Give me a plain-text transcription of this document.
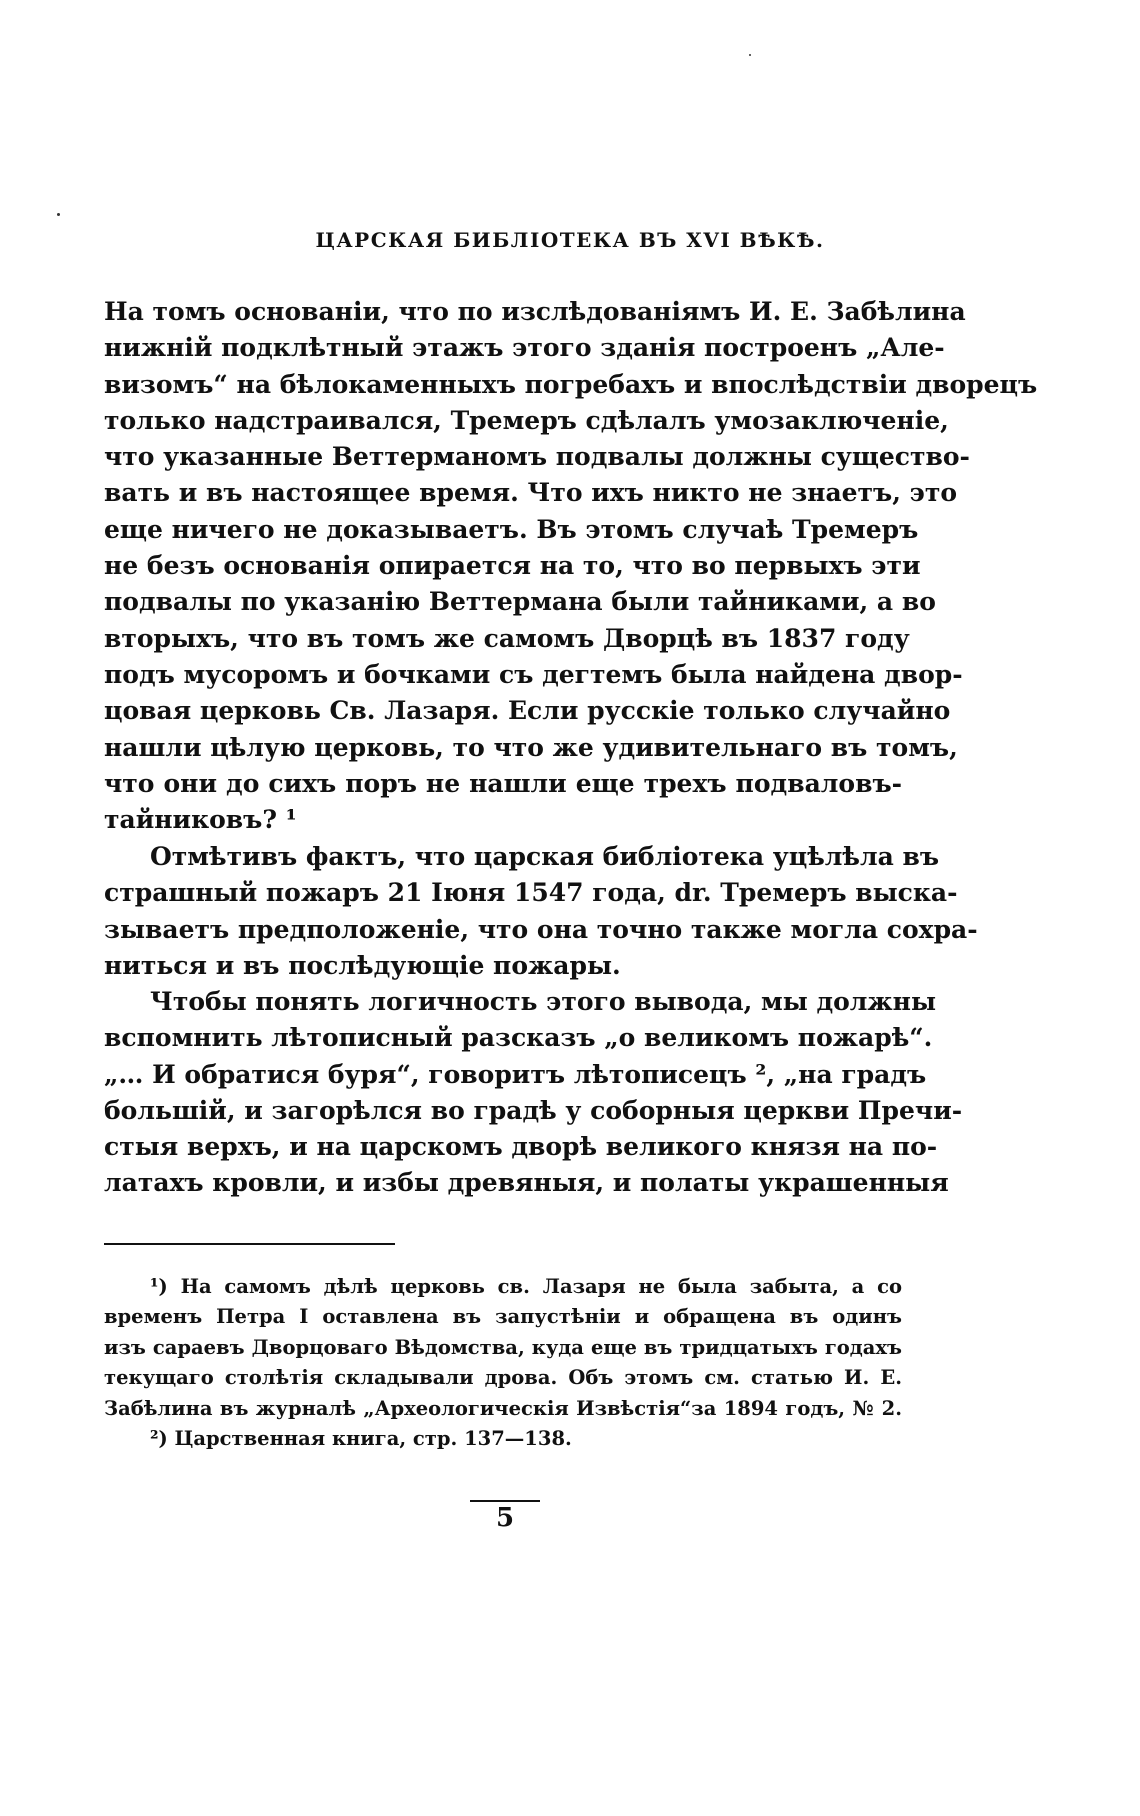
ЦАРСКАЯ БИБЛІОТЕКА ВЪ XVI ВѢКѢ.
На томъ основаніи, что по изслѣдованіямъ И. Е. Забѣлина
нижній подклѣтный этажъ этого зданія построенъ „Але-
визомъ“ на бѣлокаменныхъ погребахъ и впослѣдствіи дворецъ
только надстраивался, Тремеръ сдѣлалъ умозаключеніе,
что указанные Веттерманомъ подвалы должны существо-
вать и въ настоящее время. Что ихъ никто не знаетъ, это
еще ничего не доказываетъ. Въ этомъ случаѣ Тремеръ
не безъ основанія опирается на то, что во первыхъ эти
подвалы по указанію Веттермана были тайниками, а во
вторыхъ, что въ томъ же самомъ Дворцѣ въ 1837 году
подъ мусоромъ и бочками съ дегтемъ была найдена двор-
цовая церковь Св. Лазаря. Если русскіе только случайно
нашли цѣлую церковь, то что же удивительнаго въ томъ,
что они до сихъ поръ не нашли еще трехъ подваловъ-
тайниковъ? ¹
Отмѣтивъ фактъ, что царская библіотека уцѣлѣла въ
страшный пожаръ 21 Іюня 1547 года, dr. Тремеръ выска-
зываетъ предположеніе, что она точно также могла сохра-
ниться и въ послѣдующіе пожары.
Чтобы понять логичность этого вывода, мы должны
вспомнить лѣтописный разсказъ „о великомъ пожарѣ“.
„… И обратися буря“, говоритъ лѣтописецъ ², „на градъ
большій, и загорѣлся во градѣ у соборныя церкви Пречи-
стыя верхъ, и на царскомъ дворѣ великого князя на по-
латахъ кровли, и избы древяныя, и полаты украшенныя
¹) На самомъ дѣлѣ церковь св. Лазаря не была забыта, а со
временъ Петра I оставлена въ запустѣніи и обращена въ одинъ
изъ сараевъ Дворцоваго Вѣдомства, куда еще въ тридцатыхъ годахъ
текущаго столѣтія складывали дрова. Объ этомъ см. статью И. Е.
Забѣлина въ журналѣ „Археологическія Извѣстія“за 1894 годъ, № 2.
²) Царственная книга, стр. 137—138.
5
